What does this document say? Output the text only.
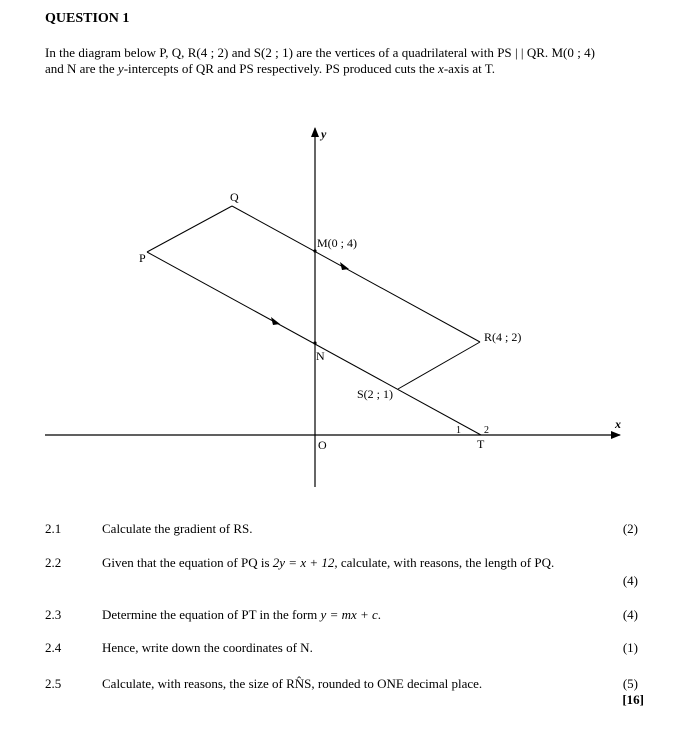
QUESTION 1
In the diagram below P, Q, R(4 ; 2) and S(2 ; 1) are the vertices of a quadrilateral with PS | | QR. M(0 ; 4) and N are the y-intercepts of QR and PS respectively. PS produced cuts the x-axis at T.
y
x
O
P
Q
M(0 ; 4)
N
R(4 ; 2)
S(2 ; 1)
T
1 2
2.1	Calculate the gradient of RS.	(2)
2.2	Given that the equation of PQ is 2y = x + 12, calculate, with reasons, the length of PQ.
(4)
2.3	Determine the equation of PT in the form y = mx + c.	(4)
2.4	Hence, write down the coordinates of N.	(1)
2.5	Calculate, with reasons, the size of RN̂S, rounded to ONE decimal place.	(5)
[16]
